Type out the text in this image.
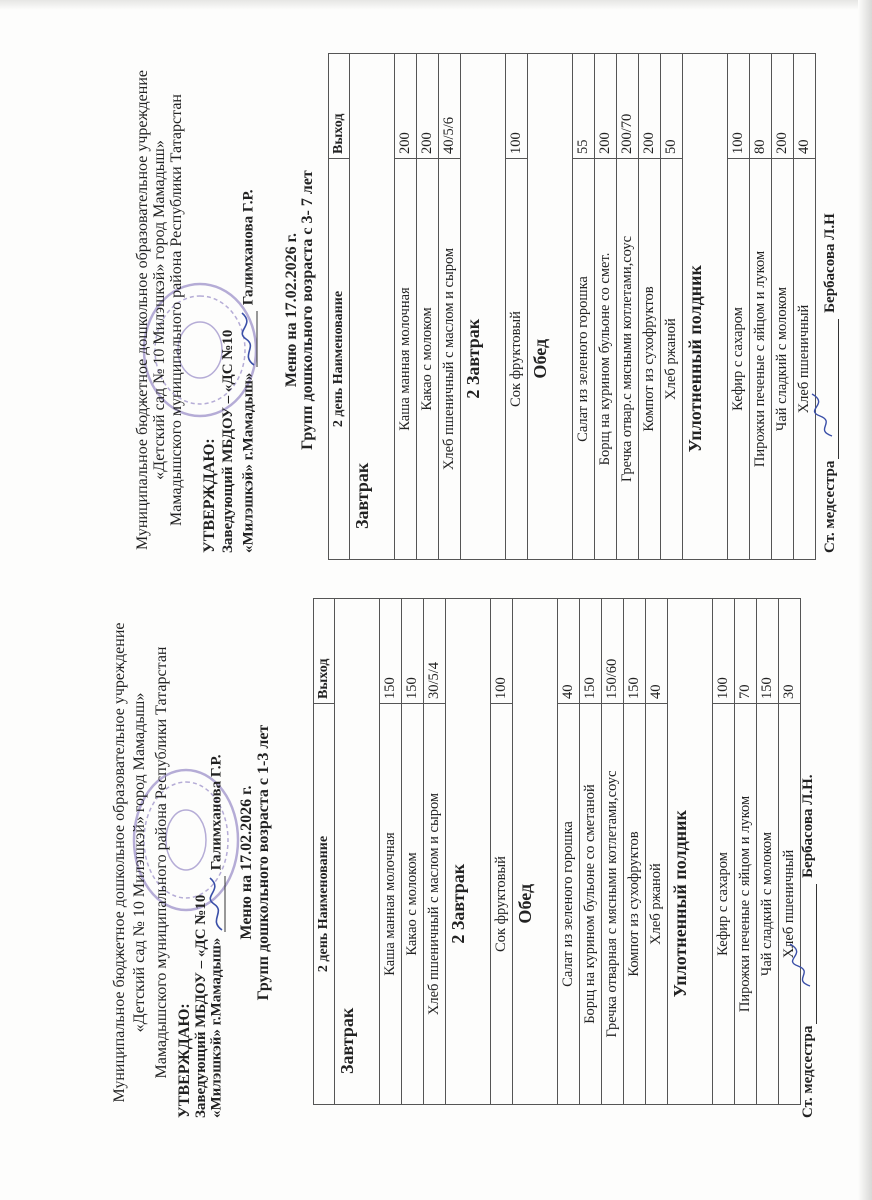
Муниципальное бюджетное дошкольное образовательное учреждение «Детский сад № 10 Милэшкэй» город Мамадыш» Мамадышского муниципального района Республики Татарстан УТВЕРЖДАЮ: Заведующий МБДОУ – «ДС №10 «Милэшкэй» г.Мамадыш»  Галимханова Г.Р. Меню на 17.02.2026 г. Групп дошкольного возраста с 3- 7 лет 2 день Наименование	Выход
Завтрак	
Каша манная молочная	200
Какао с молоком	200
Хлеб пшеничный с маслом и сыром	40/5/6
2 Завтрак	
Сок фруктовый	100
Обед	
Салат из зеленого горошка	55
Борщ на курином бульоне со смет.	200
Гречка отвар.с мясными котлетами,соус	200/70
Компот из сухофруктов	200
Хлеб ржаной	50
Уплотненный полдник	
Кефир с сахаром	100
Пирожки печеные с яйцом и луком	80
Чай сладкий с молоком	200
Хлеб пшеничный	40
Ст. медсестра Бербасова Л.Н
Муниципальное бюджетное дошкольное образовательное учреждение «Детский сад № 10 Милэшкэй» город Мамадыш» Мамадышского муниципального района Республики Татарстан УТВЕРЖДАЮ: Заведующий МБДОУ – «ДС №10 «Милэшкэй» г.Мамадыш»  Галимханова Г.Р. Меню на 17.02.2026 г. Групп дошкольного возраста с 1-3 лет	2 день Наименование	Выход
Завтрак	
Каша манная молочная	150
Какао с молоком	150
Хлеб пшеничный с маслом и сыром	30/5/4
2 Завтрак	
Сок фруктовый	100
Обед	
Салат из зеленого горошка	40
Борщ на курином бульоне со сметаной	150
Гречка отварная с мясными котлетами,соус	150/60
Компот из сухофруктов	150
Хлеб ржаной	40
Уплотненный полдник	
Кефир с сахаром	100
Пирожки печеные с яйцом и луком	70
Чай сладкий с молоком	150
Хлеб пшеничный	30
Ст. медсестра Бербасова Л.Н.
